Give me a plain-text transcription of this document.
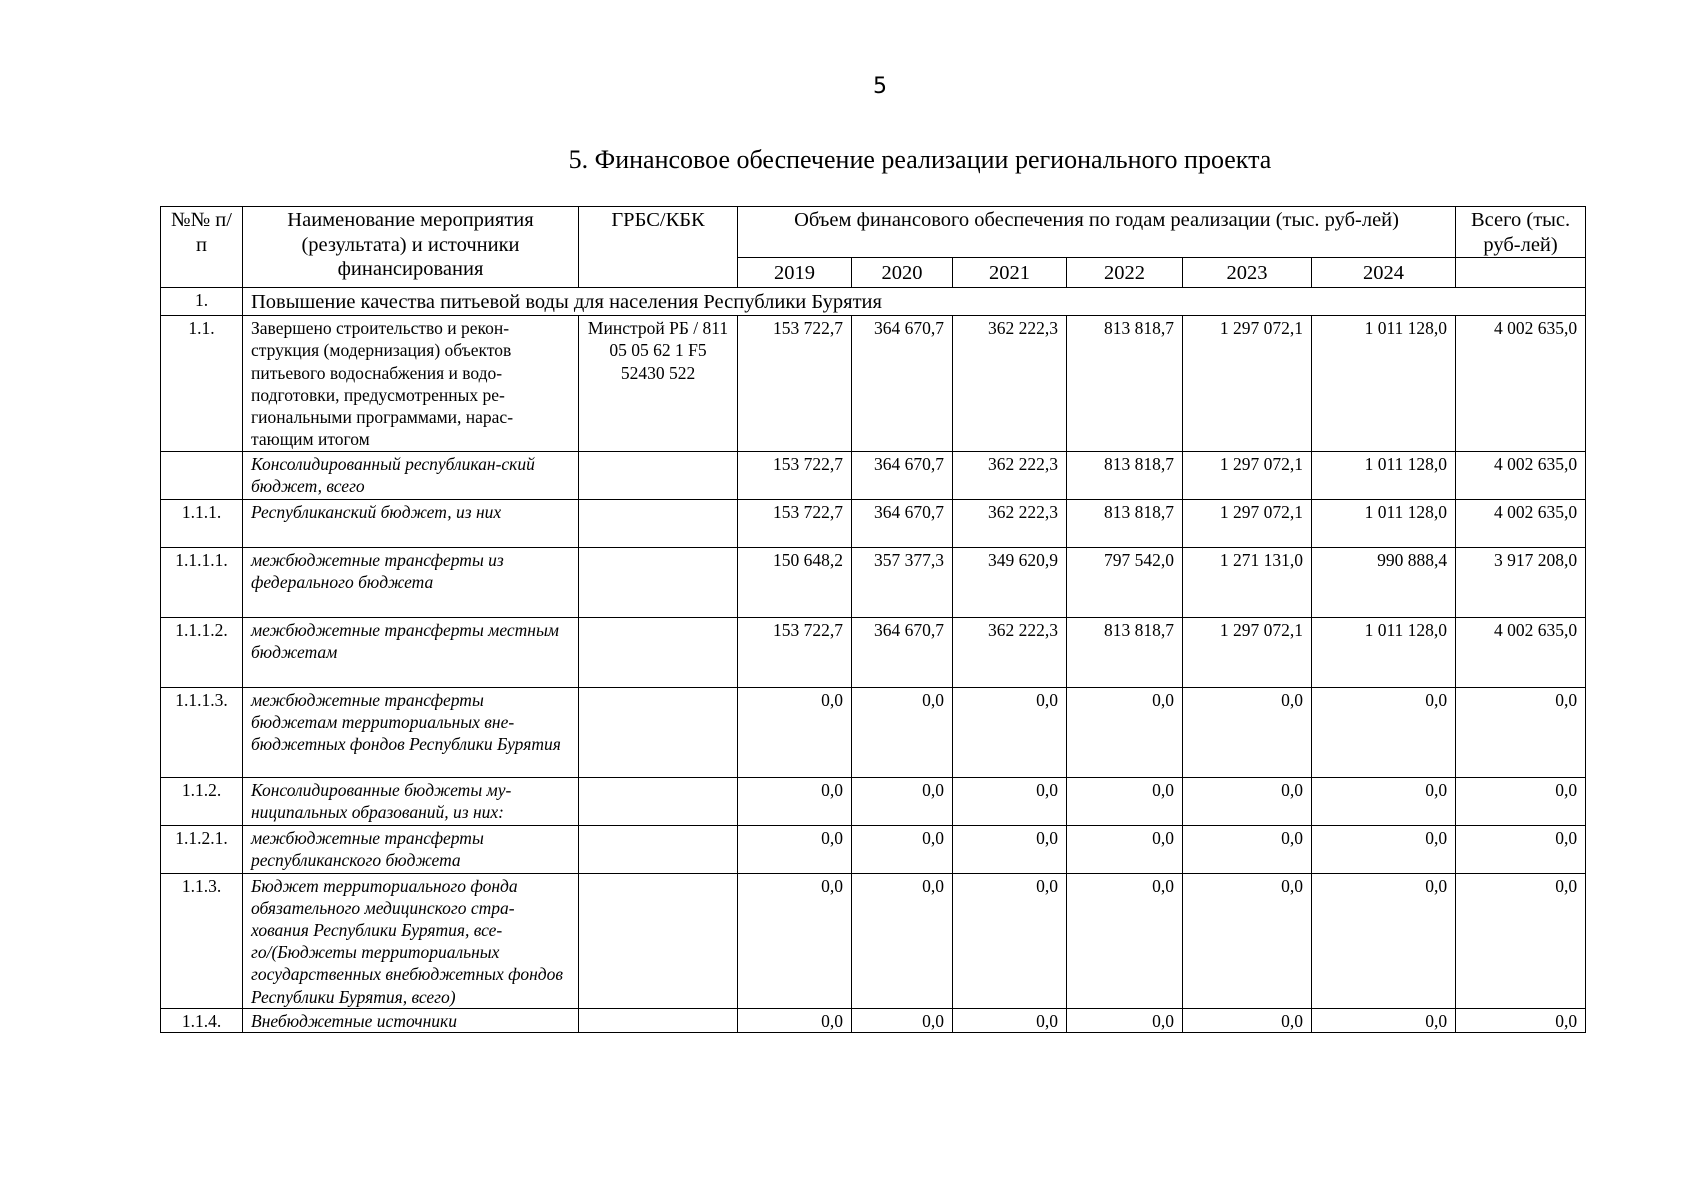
5
5. Финансовое обеспечение реализации регионального проекта
№№ п/п	Наименование мероприятия (результата) и источники финансирования	ГРБС/КБК	Объем финансового обеспечения по годам реализации (тыс. руб-лей)						Всего (тыс. руб-лей)
			2019	2020	2021	2022	2023	2024	
1.	Повышение качества питьевой воды для населения Республики Бурятия								
1.1.	Завершено строительство и рекон-струкция (модернизация) объектов питьевого водоснабжения и водо-подготовки, предусмотренных ре-гиональными программами, нарас-тающим итогом	Минстрой РБ / 811 05 05 62 1 F5 52430 522	153 722,7	364 670,7	362 222,3	813 818,7	1 297 072,1	1 011 128,0	4 002 635,0
	Консолидированный республикан-ский бюджет, всего		153 722,7	364 670,7	362 222,3	813 818,7	1 297 072,1	1 011 128,0	4 002 635,0
1.1.1.	Республиканский бюджет, из них		153 722,7	364 670,7	362 222,3	813 818,7	1 297 072,1	1 011 128,0	4 002 635,0
1.1.1.1.	межбюджетные трансферты из федерального бюджета		150 648,2	357 377,3	349 620,9	797 542,0	1 271 131,0	990 888,4	3 917 208,0
1.1.1.2.	межбюджетные трансферты местным бюджетам		153 722,7	364 670,7	362 222,3	813 818,7	1 297 072,1	1 011 128,0	4 002 635,0
1.1.1.3.	межбюджетные трансферты бюджетам территориальных вне-бюджетных фондов Республики Бурятия		0,0	0,0	0,0	0,0	0,0	0,0	0,0
1.1.2.	Консолидированные бюджеты му-ниципальных образований, из них:		0,0	0,0	0,0	0,0	0,0	0,0	0,0
1.1.2.1.	межбюджетные трансферты республиканского бюджета		0,0	0,0	0,0	0,0	0,0	0,0	0,0
1.1.3.	Бюджет территориального фонда обязательного медицинского стра-хования Республики Бурятия, все-го/(Бюджеты территориальных государственных внебюджетных фондов Республики Бурятия, всего)		0,0	0,0	0,0	0,0	0,0	0,0	0,0
1.1.4.	Внебюджетные источники		0,0	0,0	0,0	0,0	0,0	0,0	0,0
